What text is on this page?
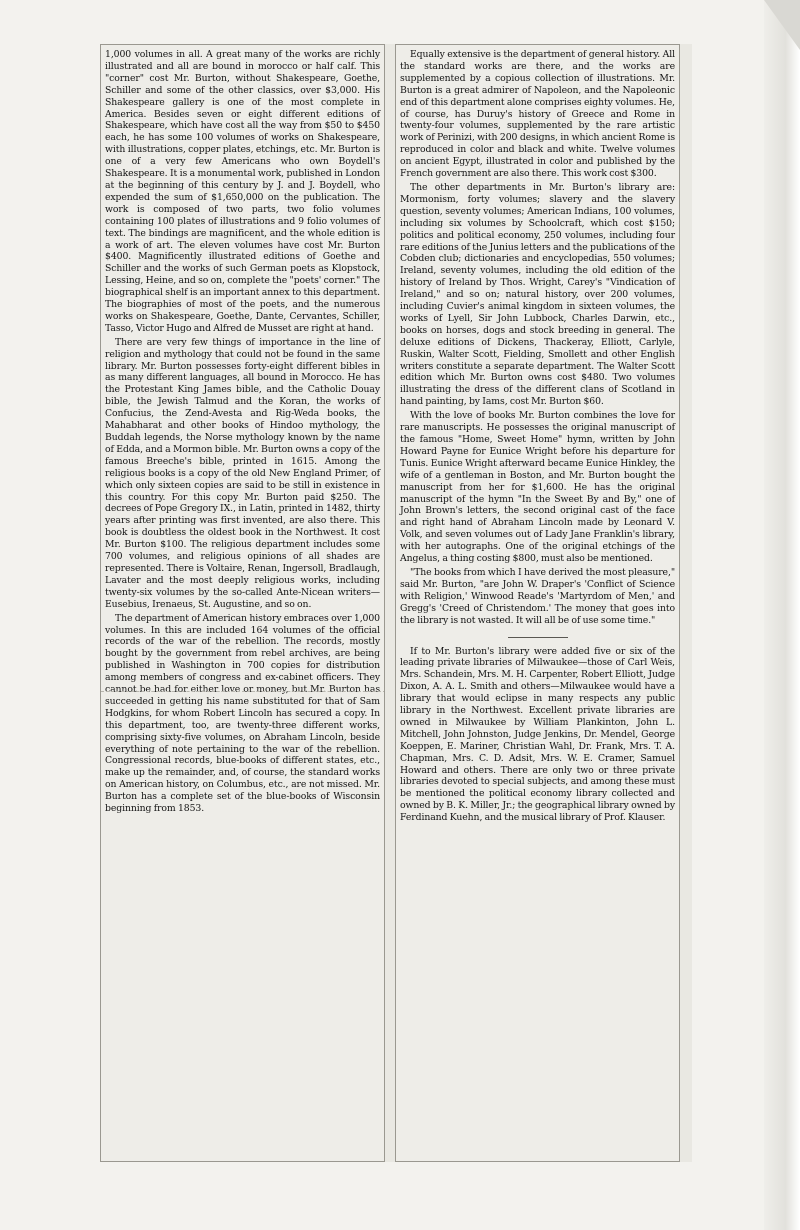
1,000 volumes in all. A great many of the works are richly illustrated and all are bound in morocco or half calf. This "corner" cost Mr. Burton, without Shakespeare, Goethe, Schiller and some of the other classics, over $3,000. His Shakespeare gallery is one of the most complete in America. Besides seven or eight different editions of Shakespeare, which have cost all the way from $50 to $450 each, he has some 100 volumes of works on Shakespeare, with illustrations, copper plates, etchings, etc. Mr. Burton is one of a very few Americans who own Boydell's Shakespeare. It is a monumental work, published in London at the beginning of this century by J. and J. Boydell, who expended the sum of $1,650,000 on the publication. The work is composed of two parts, two folio volumes containing 100 plates of illustrations and 9 folio volumes of text. The bindings are magnificent, and the whole edition is a work of art. The eleven volumes have cost Mr. Burton $400. Magnificently illustrated editions of Goethe and Schiller and the works of such German poets as Klopstock, Lessing, Heine, and so on, complete the "poets' corner." The biographical shelf is an important annex to this department. The biographies of most of the poets, and the numerous works on Shakespeare, Goethe, Dante, Cervantes, Schiller, Tasso, Victor Hugo and Alfred de Musset are right at hand.

There are very few things of importance in the line of religion and mythology that could not be found in the same library. Mr. Burton possesses forty-eight different bibles in as many different languages, all bound in Morocco. He has the Protestant King James bible, and the Catholic Douay bible, the Jewish Talmud and the Koran, the works of Confucius, the Zend-Avesta and Rig-Weda books, the Mahabharat and other books of Hindoo mythology, the Buddah legends, the Norse mythology known by the name of Edda, and a Mormon bible. Mr. Burton owns a copy of the famous Breeche's bible, printed in 1615. Among the religious books is a copy of the old New England Primer, of which only sixteen copies are said to be still in existence in this country. For this copy Mr. Burton paid $250. The decrees of Pope Gregory IX., in Latin, printed in 1482, thirty years after printing was first invented, are also there. This book is doubtless the oldest book in the Northwest. It cost Mr. Burton $100. The religious department includes some 700 volumes, and religious opinions of all shades are represented. There is Voltaire, Renan, Ingersoll, Bradlaugh, Lavater and the most deeply religious works, including twenty-six volumes by the so-called Ante-Nicean writers—Eusebius, Irenaeus, St. Augustine, and so on.

The department of American history embraces over 1,000 volumes. In this are included 164 volumes of the official records of the war of the rebellion. The records, mostly bought by the government from rebel archives, are being published in Washington in 700 copies for distribution among members of congress and ex-cabinet officers. They cannot be had for either love or money, but Mr. Burton has succeeded in getting his name substituted for that of Sam Hodgkins, for whom Robert Lincoln has secured a copy. In this department, too, are twenty-three different works, comprising sixty-five volumes, on Abraham Lincoln, beside everything of note pertaining to the war of the rebellion. Congressional records, blue-books of different states, etc., make up the remainder, and, of course, the standard works on American history, on Columbus, etc., are not missed. Mr. Burton has a complete set of the blue-books of Wisconsin beginning from 1853.

Equally extensive is the department of general history. All the standard works are there, and the works are supplemented by a copious collection of illustrations. Mr. Burton is a great admirer of Napoleon, and the Napoleonic end of this department alone comprises eighty volumes. He, of course, has Duruy's history of Greece and Rome in twenty-four volumes, supplemented by the rare artistic work of Perinizi, with 200 designs, in which ancient Rome is reproduced in color and black and white. Twelve volumes on ancient Egypt, illustrated in color and published by the French government are also there. This work cost $300.

The other departments in Mr. Burton's library are: Mormonism, forty volumes; slavery and the slavery question, seventy volumes; American Indians, 100 volumes, including six volumes by Schoolcraft, which cost $150; politics and political economy, 250 volumes, including four rare editions of the Junius letters and the publications of the Cobden club; dictionaries and encyclopedias, 550 volumes; Ireland, seventy volumes, including the old edition of the history of Ireland by Thos. Wright, Carey's "Vindication of Ireland," and so on; natural history, over 200 volumes, including Cuvier's animal kingdom in sixteen volumes, the works of Lyell, Sir John Lubbock, Charles Darwin, etc., books on horses, dogs and stock breeding in general. The deluxe editions of Dickens, Thackeray, Elliott, Carlyle, Ruskin, Walter Scott, Fielding, Smollett and other English writers constitute a separate department. The Walter Scott edition which Mr. Burton owns cost $480. Two volumes illustrating the dress of the different clans of Scotland in hand painting, by Iams, cost Mr. Burton $60.

With the love of books Mr. Burton combines the love for rare manuscripts. He possesses the original manuscript of the famous "Home, Sweet Home" hymn, written by John Howard Payne for Eunice Wright before his departure for Tunis. Eunice Wright afterward became Eunice Hinkley, the wife of a gentleman in Boston, and Mr. Burton bought the manuscript from her for $1,600. He has the original manuscript of the hymn "In the Sweet By and By," one of John Brown's letters, the second original cast of the face and right hand of Abraham Lincoln made by Leonard V. Volk, and seven volumes out of Lady Jane Franklin's library, with her autographs. One of the original etchings of the Angelus, a thing costing $800, must also be mentioned.

"The books from which I have derived the most pleasure," said Mr. Burton, "are John W. Draper's 'Conflict of Science with Religion,' Winwood Reade's 'Martyrdom of Men,' and Gregg's 'Creed of Christendom.' The money that goes into the library is not wasted. It will all be of use some time."

If to Mr. Burton's library were added five or six of the leading private libraries of Milwaukee—those of Carl Weis, Mrs. Schandein, Mrs. M. H. Carpenter, Robert Elliott, Judge Dixon, A. A. L. Smith and others—Milwaukee would have a library that would eclipse in many respects any public library in the Northwest. Excellent private libraries are owned in Milwaukee by William Plankinton, John L. Mitchell, John Johnston, Judge Jenkins, Dr. Mendel, George Koeppen, E. Mariner, Christian Wahl, Dr. Frank, Mrs. T. A. Chapman, Mrs. C. D. Adsit, Mrs. W. E. Cramer, Samuel Howard and others. There are only two or three private libraries devoted to special subjects, and among these must be mentioned the political economy library collected and owned by B. K. Miller, Jr.; the geographical library owned by Ferdinand Kuehn, and the musical library of Prof. Klauser.
